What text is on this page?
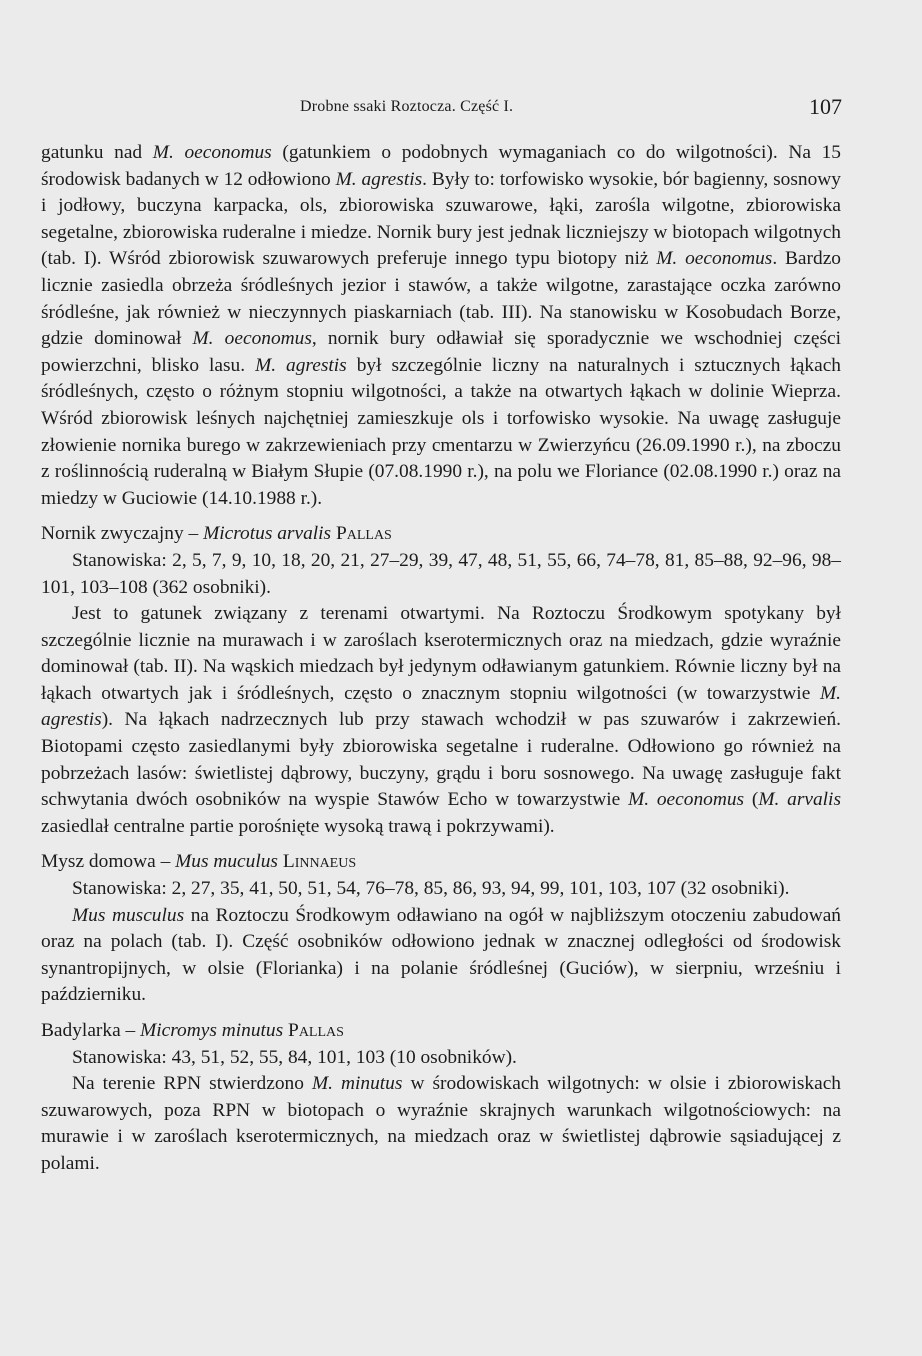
Drobne ssaki Roztocza. Część I.	107

gatunku nad M. oeconomus (gatunkiem o podobnych wymaganiach co do wilgotności). Na 15 środowisk badanych w 12 odłowiono M. agrestis. Były to: torfowisko wysokie, bór bagienny, sosnowy i jodłowy, buczyna karpacka, ols, zbiorowiska szuwarowe, łąki, zarośla wilgotne, zbiorowiska segetalne, zbiorowiska ruderalne i miedze. Nornik bury jest jednak liczniejszy w biotopach wilgotnych (tab. I). Wśród zbiorowisk szuwarowych preferuje innego typu biotopy niż M. oeconomus. Bardzo licznie zasiedla obrzeża śródleśnych jezior i stawów, a także wilgotne, zarastające oczka zarówno śródleśne, jak również w nieczynnych piaskarniach (tab. III). Na stanowisku w Kosobudach Borze, gdzie dominował M. oeconomus, nornik bury odławiał się sporadycznie we wschodniej części powierzchni, blisko lasu. M. agrestis był szczególnie liczny na naturalnych i sztucznych łąkach śródleśnych, często o różnym stopniu wilgotności, a także na otwartych łąkach w dolinie Wieprza. Wśród zbiorowisk leśnych najchętniej zamieszkuje ols i torfowisko wysokie. Na uwagę zasługuje złowienie nornika burego w zakrzewieniach przy cmentarzu w Zwierzyńcu (26.09.1990 r.), na zboczu z roślinnością ruderalną w Białym Słupie (07.08.1990 r.), na polu we Floriance (02.08.1990 r.) oraz na miedzy w Guciowie (14.10.1988 r.).

Nornik zwyczajny – Microtus arvalis Pallas

Stanowiska: 2, 5, 7, 9, 10, 18, 20, 21, 27–29, 39, 47, 48, 51, 55, 66, 74–78, 81, 85–88, 92–96, 98–101, 103–108 (362 osobniki).

Jest to gatunek związany z terenami otwartymi. Na Roztoczu Środkowym spotykany był szczególnie licznie na murawach i w zaroślach kserotermicznych oraz na miedzach, gdzie wyraźnie dominował (tab. II). Na wąskich miedzach był jedynym odławianym gatunkiem. Równie liczny był na łąkach otwartych jak i śródleśnych, często o znacznym stopniu wilgotności (w towarzystwie M. agrestis). Na łąkach nadrzecznych lub przy stawach wchodził w pas szuwarów i zakrzewień. Biotopami często zasiedlanymi były zbiorowiska segetalne i ruderalne. Odłowiono go również na pobrzeżach lasów: świetlistej dąbrowy, buczyny, grądu i boru sosnowego. Na uwagę zasługuje fakt schwytania dwóch osobników na wyspie Stawów Echo w towarzystwie M. oeconomus (M. arvalis zasiedlał centralne partie porośnięte wysoką trawą i pokrzywami).

Mysz domowa – Mus muculus Linnaeus

Stanowiska: 2, 27, 35, 41, 50, 51, 54, 76–78, 85, 86, 93, 94, 99, 101, 103, 107 (32 osobniki).

Mus musculus na Roztoczu Środkowym odławiano na ogół w najbliższym otoczeniu zabudowań oraz na polach (tab. I). Część osobników odłowiono jednak w znacznej odległości od środowisk synantropijnych, w olsie (Florianka) i na polanie śródleśnej (Guciów), w sierpniu, wrześniu i październiku.

Badylarka – Micromys minutus Pallas

Stanowiska: 43, 51, 52, 55, 84, 101, 103 (10 osobników).

Na terenie RPN stwierdzono M. minutus w środowiskach wilgotnych: w olsie i zbiorowiskach szuwarowych, poza RPN w biotopach o wyraźnie skrajnych warunkach wilgotnościowych: na murawie i w zaroślach kserotermicznych, na miedzach oraz w świetlistej dąbrowie sąsiadującej z polami.
